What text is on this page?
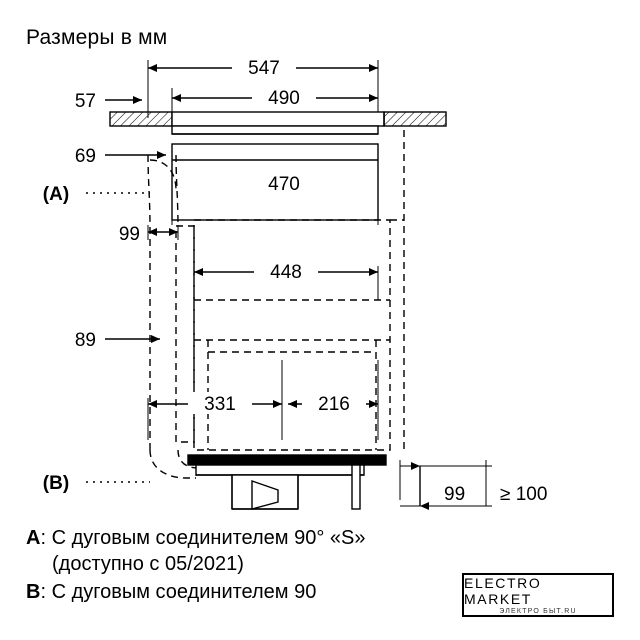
Размеры в мм
547
490
470
448
331	216
57
69
99
89
99 ≥ 100
(A)
(B)
A: С дуговым соединителем 90° «S»
(доступно с 05/2021)
B: С дуговым соединителем 90	ELECTRO MARKET
ЭЛЕКТРО БЫТ.RU
